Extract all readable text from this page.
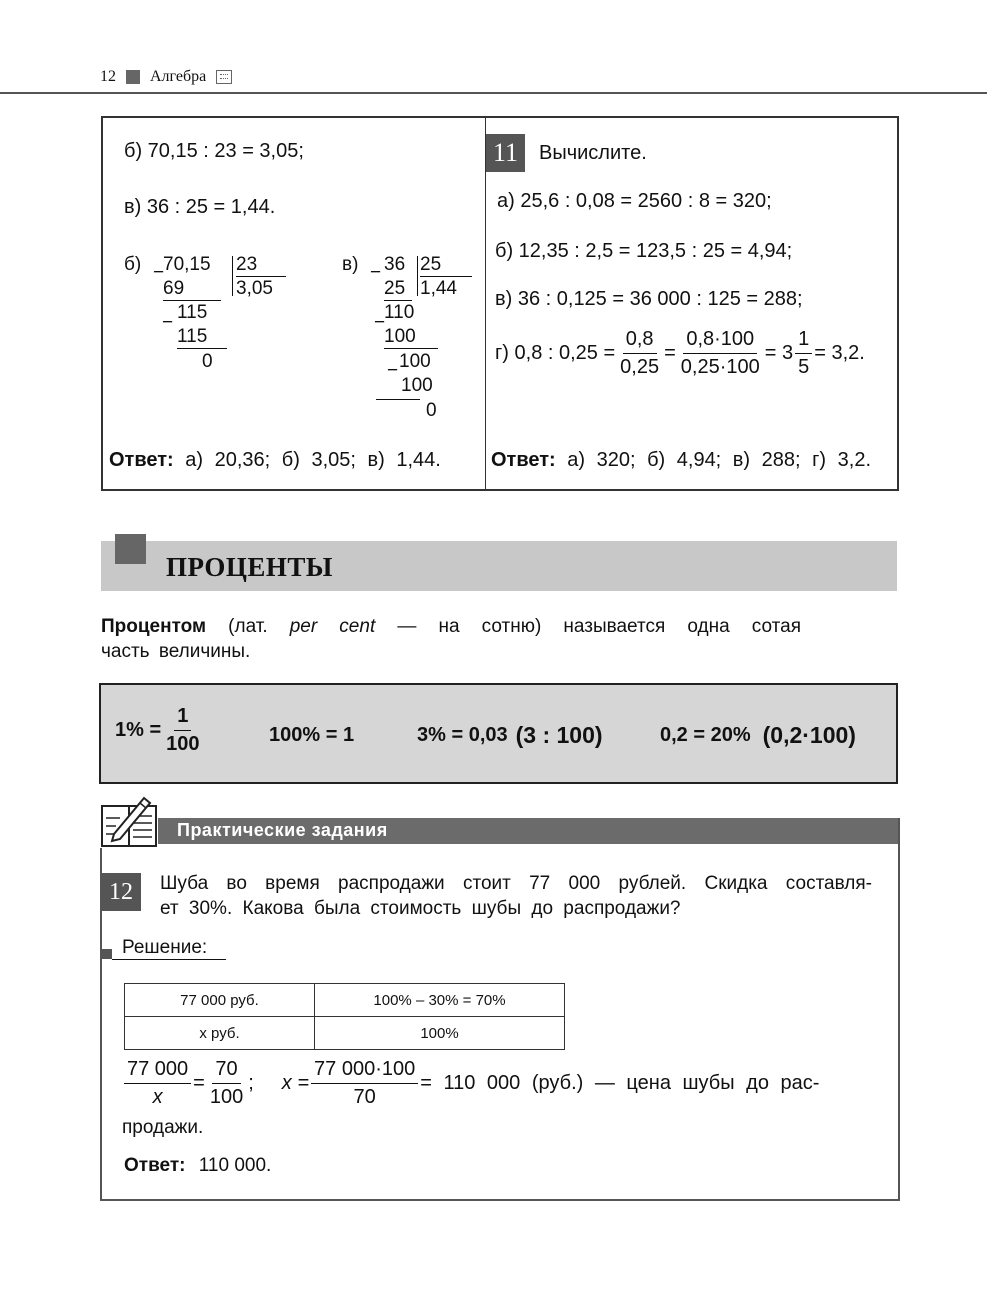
12 Алгебра
б) 70,15 : 23 = 3,05;
в) 36 : 25 = 1,44.
б) −
70,15 23
3,05
69
115
−
115
0
в) − 36 25
1,44
25
−
110
100
100
−
100
0
Ответ: а) 20,36; б) 3,05; в) 1,44.
11	Вычислите.
а) 25,6 : 0,08 = 2560 : 8 = 320;
б) 12,35 : 2,5 = 123,5 : 25 = 4,94;
в) 36 : 0,125 = 36 000 : 125 = 288;
г) 0,8 : $0,25 = \frac{0,8}{0,25} = \frac{0,8\cdot 100}{0,25\cdot 100} = 3 \frac{1}{5} = 3,2$.
Ответ: а) 320; б) 4,94; в) 288; г) 3,2.
ПРОЦЕНТЫ
Процентом (лат. per cent — на сотню) называется одна сотая
часть величины.
$1\% = \frac{1}{100}$	100% = 1	3% = 0,03 (3 : 100)	0,2 = 20% (0,2·100)
Практические задания
12	Шуба во время распродажи стоит 77 000 рублей. Скидка составля-
ет 30%. Какова была стоимость шубы до распродажи?
Решение:
77 000 руб.	100% – 30% = 70%
x руб.	100%
$\frac{77 000}{x} = \frac{70}{100}$ ; $x = \frac{77 000\cdot 100}{70} = 110$ 000 (руб.) — цена шубы до рас-
продажи.
Ответ: 110 000.
